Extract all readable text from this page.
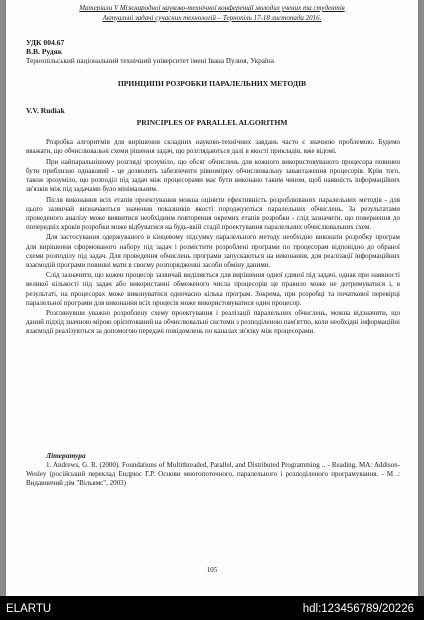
Матеріали V Міжнародної науково-технічної конференції молодих учених та студентів
Актуальні задачі сучасних технологій – Тернопіль 17-18 листопада 2016.
УДК 004.67
В.В. Рудяк
Тернопільський національний технічний університет імені Івана Пулюя, Україна
ПРИНЦИПИ РОЗРОБКИ ПАРАЛЕЛЬНИХ МЕТОДІВ
V.V. Rudiak
PRINCIPLES OF PARALLEL ALGORITHM

Розробка алгоритмів для вирішення складних науково-технічних завдань часто є значною проблемою. Будемо вважати, що обчислювальні схеми рішення задач, що розглядаються далі в якості прикладів, вже відомі.

При найпаральнішому розгляді зрозуміло, що обсяг обчислень для кожного використовуваного процесора повинен бути приблизно однаковий - це дозволить забезпечити рівномірну обчислювальну завантаження процесорів. Крім того, також зрозуміло, що розподіл під задач між процесорами має бути виконано таким чином, щоб наявність інформаційних зв'язків між під задачами було мінімальним.

Після виконання всіх етапів проектування можна оцінити ефективність розроблюваних паралельних методів - для цього зазвичай визначаються значення показників якості породжуються паралельних обчислень. За результатами проведеного аналізу може виявитися необхідним повторення окремих етапів розробки - слід зазначити, що повернення до попередніх кроків розробки може відбуватися на будь-якій стадії проектування паралельних обчислювальних схем.

Для застосування одержуваного в кінцевому підсумку паралельного методу необхідно виконати розробку програм для вирішення сформованого набору під задач і розмістити розроблені програми по процесорам відповідно до обраної схеми розподілу під задач. Для проведення обчислень програми запускаються на виконання, для реалізації інформаційних взаємодій програми повинні мати в своєму розпорядженні засоби обміну даними.

Слід зазначити, що кожен процесор зазвичай виділяється для вирішення одної єдиної під задачі, однак при наявності великої кількості під задач або використанні обмеженого числа процесорів це правило може не дотримуватися і, в результаті, на процесорах може виконуватися одночасно кілька програм. Зокрема, при розробці та початкової перевірці паралельної програми для виконання всіх процесів може використовуватися один процесор.

Розглянувши уважно розроблену схему проектування і реалізації паралельних обчислень, можна відзначити, що даний підхід значною мірою орієнтований на обчислювальні системи з розподіленою пам'яттю, коли необхідні інформаційні взаємодії реалізуються за допомогою передачі повідомлень по каналах зв'язку між процесорами.

Література
1. Andrews, G. R. (2000). Foundations of Multithreaded, Parallel, and Distributed Programming .. - Reading, MA: Addison-Wesley (російський переклад Ендрюс Г.Р. Основи многопоточного, паралельного і розподіленого програмування. - М .: Видавничий дім "Вільямс", 2003)
105
ELARTU	hdl:123456789/20226
